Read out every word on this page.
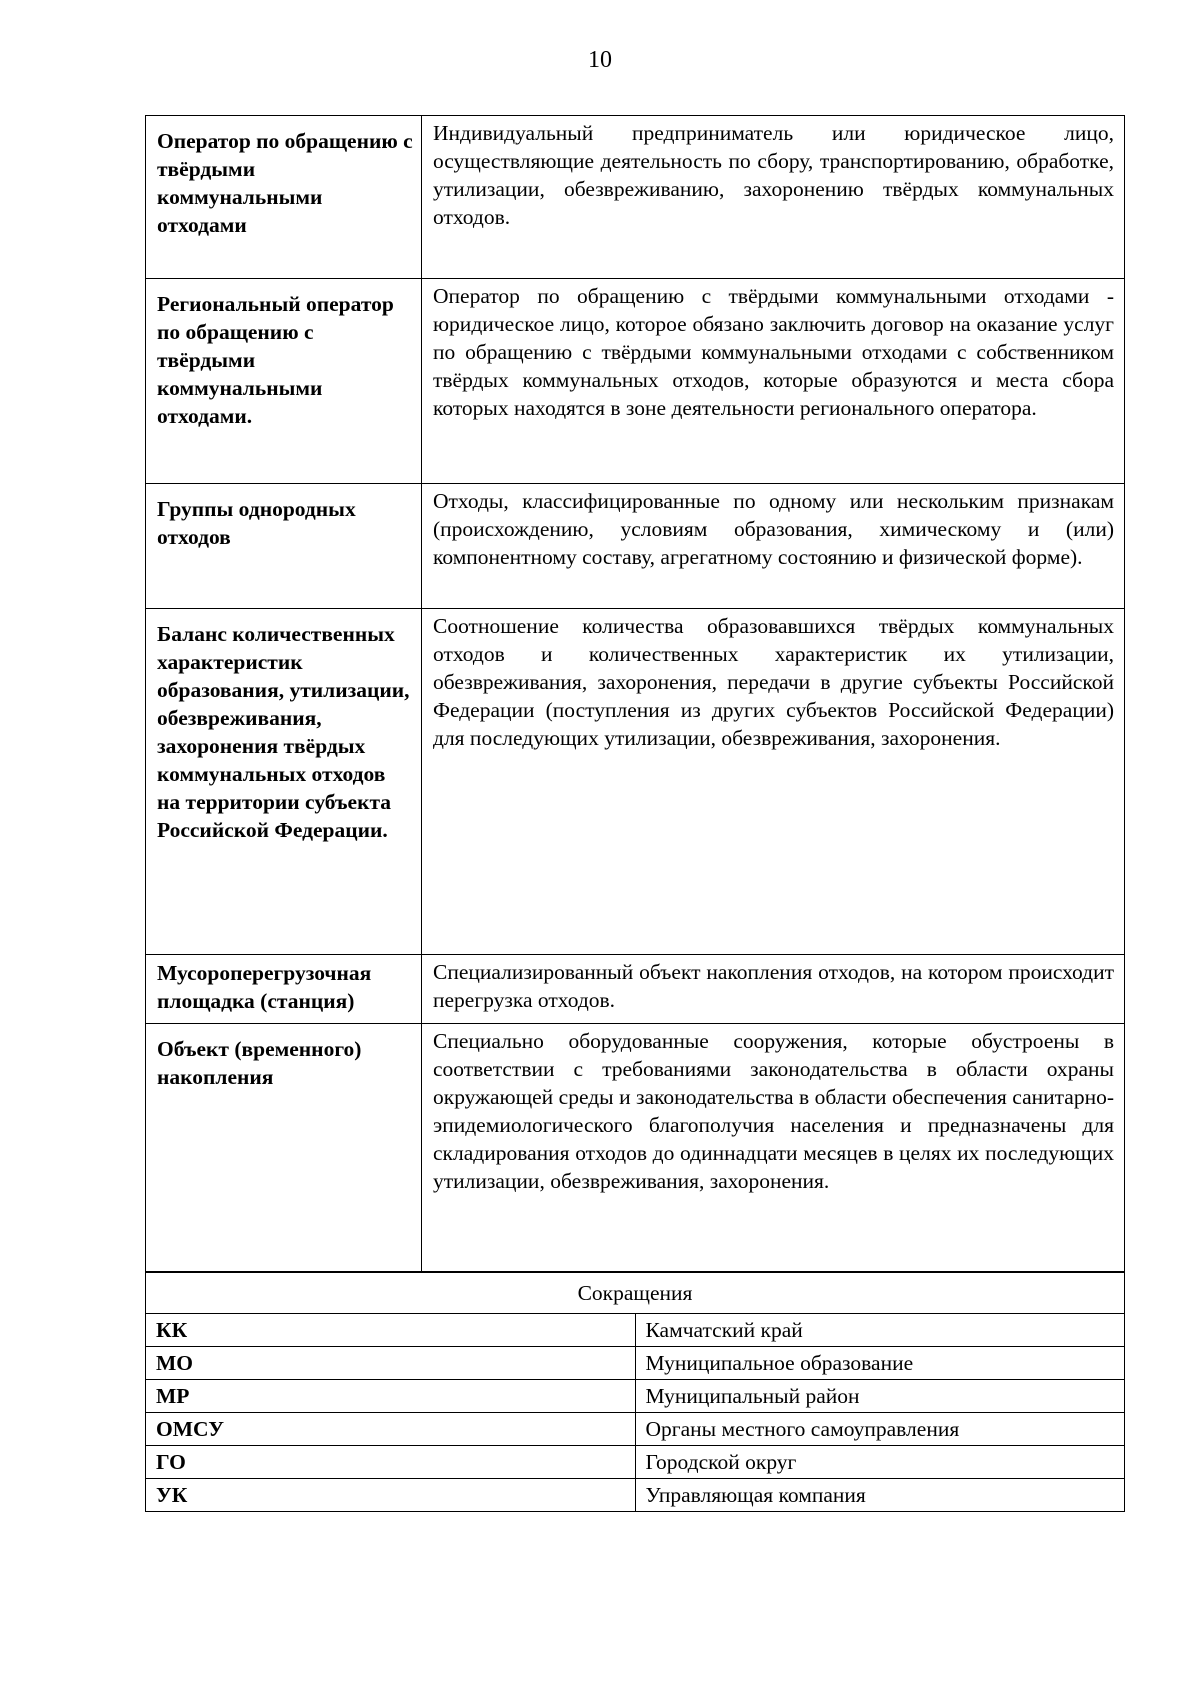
10
Оператор по обращению с твёрдыми коммунальными отходами	Индивидуальный предприниматель или юридическое лицо, осуществляющие деятельность по сбору, транспортированию, обработке, утилизации, обезвреживанию, захоронению твёрдых коммунальных отходов.
Региональный оператор по обращению с твёрдыми коммунальными отходами.	Оператор по обращению с твёрдыми коммунальными отходами - юридическое лицо, которое обязано заключить договор на оказание услуг по обращению с твёрдыми коммунальными отходами с собственником твёрдых коммунальных отходов, которые образуются и места сбора которых находятся в зоне деятельности регионального оператора.
Группы однородных отходов	Отходы, классифицированные по одному или нескольким признакам (происхождению, условиям образования, химическому и (или) компонентному составу, агрегатному состоянию и физической форме).
Баланс количественных характеристик образования, утилизации, обезвреживания, захоронения твёрдых коммунальных отходов на территории субъекта Российской Федерации.	Соотношение количества образовавшихся твёрдых коммунальных отходов и количественных характеристик их утилизации, обезвреживания, захоронения, передачи в другие субъекты Российской Федерации (поступления из других субъектов Российской Федерации) для последующих утилизации, обезвреживания, захоронения.
Мусороперегрузочная площадка (станция)	Специализированный объект накопления отходов, на котором происходит перегрузка отходов.
Объект (временного) накопления	Специально оборудованные сооружения, которые обустроены в соответствии с требованиями законодательства в области охраны окружающей среды и законодательства в области обеспечения санитарно-эпидемиологического благополучия населения и предназначены для складирования отходов до одиннадцати месяцев в целях их последующих утилизации, обезвреживания, захоронения.
Сокращения	
КК	Камчатский край
МО	Муниципальное образование
МР	Муниципальный район
ОМСУ	Органы местного самоуправления
ГО	Городской округ
УК	Управляющая компания
